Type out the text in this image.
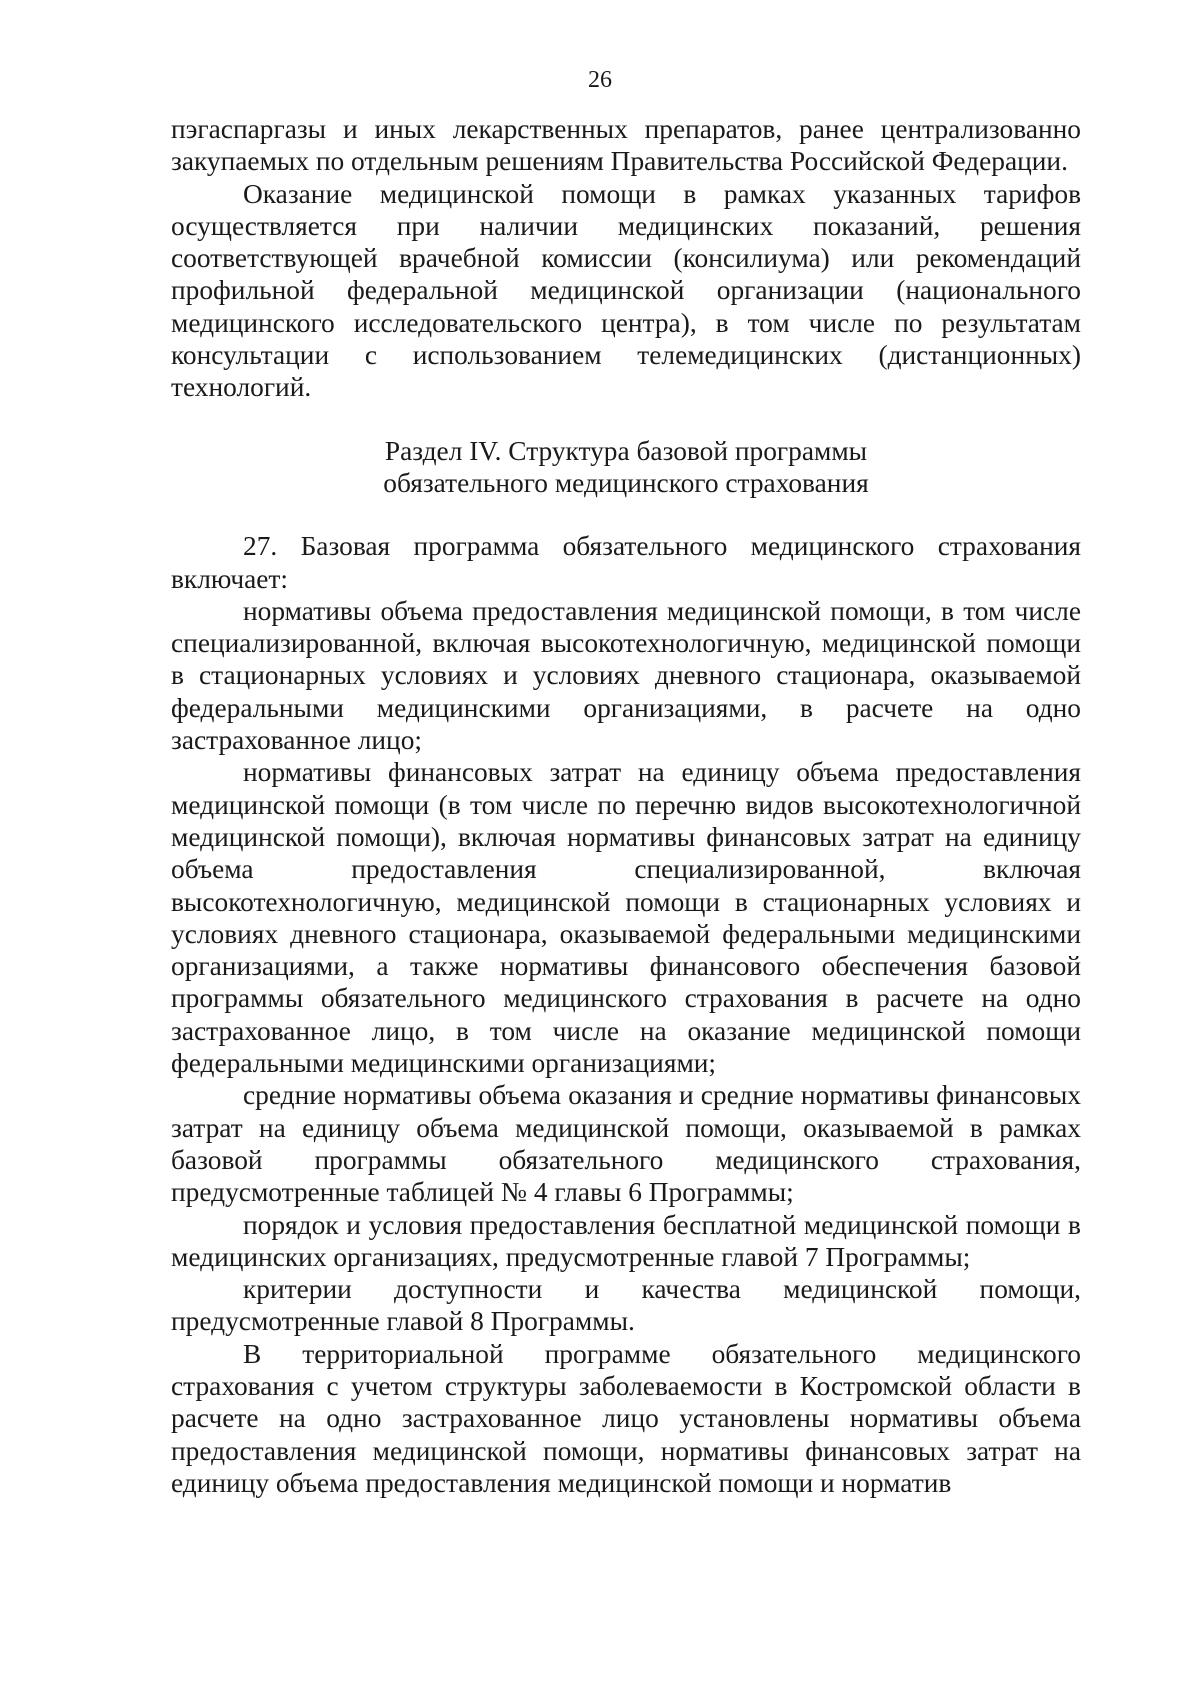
26

пэгаспаргазы и иных лекарственных препаратов, ранее централизованно закупаемых по отдельным решениям Правительства Российской Федерации.

Оказание медицинской помощи в рамках указанных тарифов осуществляется при наличии медицинских показаний, решения соответствующей врачебной комиссии (консилиума) или рекомендаций профильной федеральной медицинской организации (национального медицинского исследовательского центра), в том числе по результатам консультации с использованием телемедицинских (дистанционных) технологий.

Раздел IV. Структура базовой программы
обязательного медицинского страхования

27. Базовая программа обязательного медицинского страхования включает:

нормативы объема предоставления медицинской помощи, в том числе специализированной, включая высокотехнологичную, медицинской помощи в стационарных условиях и условиях дневного стационара, оказываемой федеральными медицинскими организациями, в расчете на одно застрахованное лицо;

нормативы финансовых затрат на единицу объема предоставления медицинской помощи (в том числе по перечню видов высокотехнологичной медицинской помощи), включая нормативы финансовых затрат на единицу объема предоставления специализированной, включая высокотехнологичную, медицинской помощи в стационарных условиях и условиях дневного стационара, оказываемой федеральными медицинскими организациями, а также нормативы финансового обеспечения базовой программы обязательного медицинского страхования в расчете на одно застрахованное лицо, в том числе на оказание медицинской помощи федеральными медицинскими организациями;

средние нормативы объема оказания и средние нормативы финансовых затрат на единицу объема медицинской помощи, оказываемой в рамках базовой программы обязательного медицинского страхования, предусмотренные таблицей № 4 главы 6 Программы;

порядок и условия предоставления бесплатной медицинской помощи в медицинских организациях, предусмотренные главой 7 Программы;

критерии доступности и качества медицинской помощи, предусмотренные главой 8 Программы.

В территориальной программе обязательного медицинского страхования с учетом структуры заболеваемости в Костромской области в расчете на одно застрахованное лицо установлены нормативы объема предоставления медицинской помощи, нормативы финансовых затрат на единицу объема предоставления медицинской помощи и норматив
